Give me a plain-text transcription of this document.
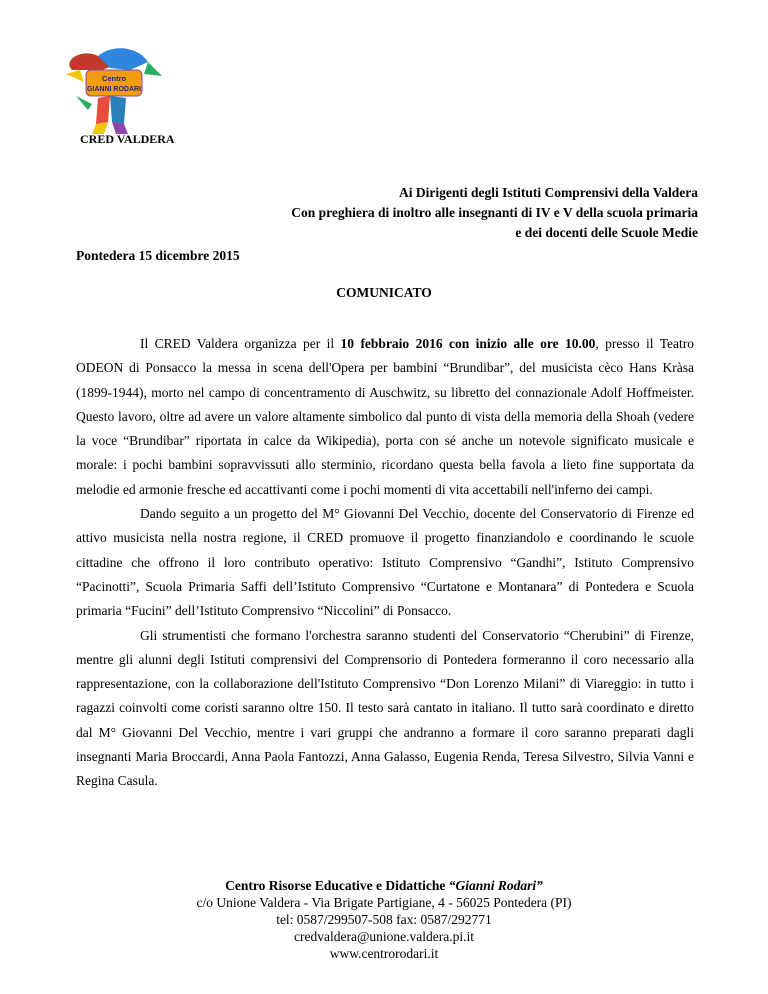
Centro
GIANNI RODARI
CRED VALDERA
Ai Dirigenti degli Istituti Comprensivi della Valdera
Con preghiera di inoltro alle insegnanti di IV e V della scuola primaria
e dei docenti delle Scuole Medie
Pontedera 15 dicembre 2015
COMUNICATO

Il CRED Valdera organizza per il 10 febbraio 2016 con inizio alle ore 10.00, presso il Teatro ODEON di Ponsacco la messa in scena dell'Opera per bambini “Brundibar”, del musicista cèco Hans Kràsa (1899-1944), morto nel campo di concentramento di Auschwitz, su libretto del connazionale Adolf Hoffmeister. Questo lavoro, oltre ad avere un valore altamente simbolico dal punto di vista della memoria della Shoah (vedere la voce “Brundibar” riportata in calce da Wikipedia), porta con sé anche un notevole significato musicale e morale: i pochi bambini sopravvissuti allo sterminio, ricordano questa bella favola a lieto fine supportata da melodie ed armonie fresche ed accattivanti come i pochi momenti di vita accettabili nell'inferno dei campi.

Dando seguito a un progetto del M° Giovanni Del Vecchio, docente del Conservatorio di Firenze ed attivo musicista nella nostra regione, il CRED promuove il progetto finanziandolo e coordinando le scuole cittadine che offrono il loro contributo operativo: Istituto Comprensivo “Gandhi”, Istituto Comprensivo “Pacinotti”, Scuola Primaria Saffi dell’Istituto Comprensivo “Curtatone e Montanara” di Pontedera e Scuola primaria “Fucini” dell’Istituto Comprensivo “Niccolini” di Ponsacco.

Gli strumentisti che formano l'orchestra saranno studenti del Conservatorio “Cherubini” di Firenze, mentre gli alunni degli Istituti comprensivi del Comprensorio di Pontedera formeranno il coro necessario alla rappresentazione, con la collaborazione dell'Istituto Comprensivo “Don Lorenzo Milani” di Viareggio: in tutto i ragazzi coinvolti come coristi saranno oltre 150. Il testo sarà cantato in italiano. Il tutto sarà coordinato e diretto dal M° Giovanni Del Vecchio, mentre i vari gruppi che andranno a formare il coro saranno preparati dagli insegnanti Maria Broccardi, Anna Paola Fantozzi, Anna Galasso, Eugenia Renda, Teresa Silvestro, Silvia Vanni e Regina Casula.

Centro Risorse Educative e Didattiche “Gianni Rodari”
c/o Unione Valdera - Via Brigate Partigiane, 4 - 56025 Pontedera (PI)
tel: 0587/299507-508 fax: 0587/292771
credvaldera@unione.valdera.pi.it
www.centrorodari.it
